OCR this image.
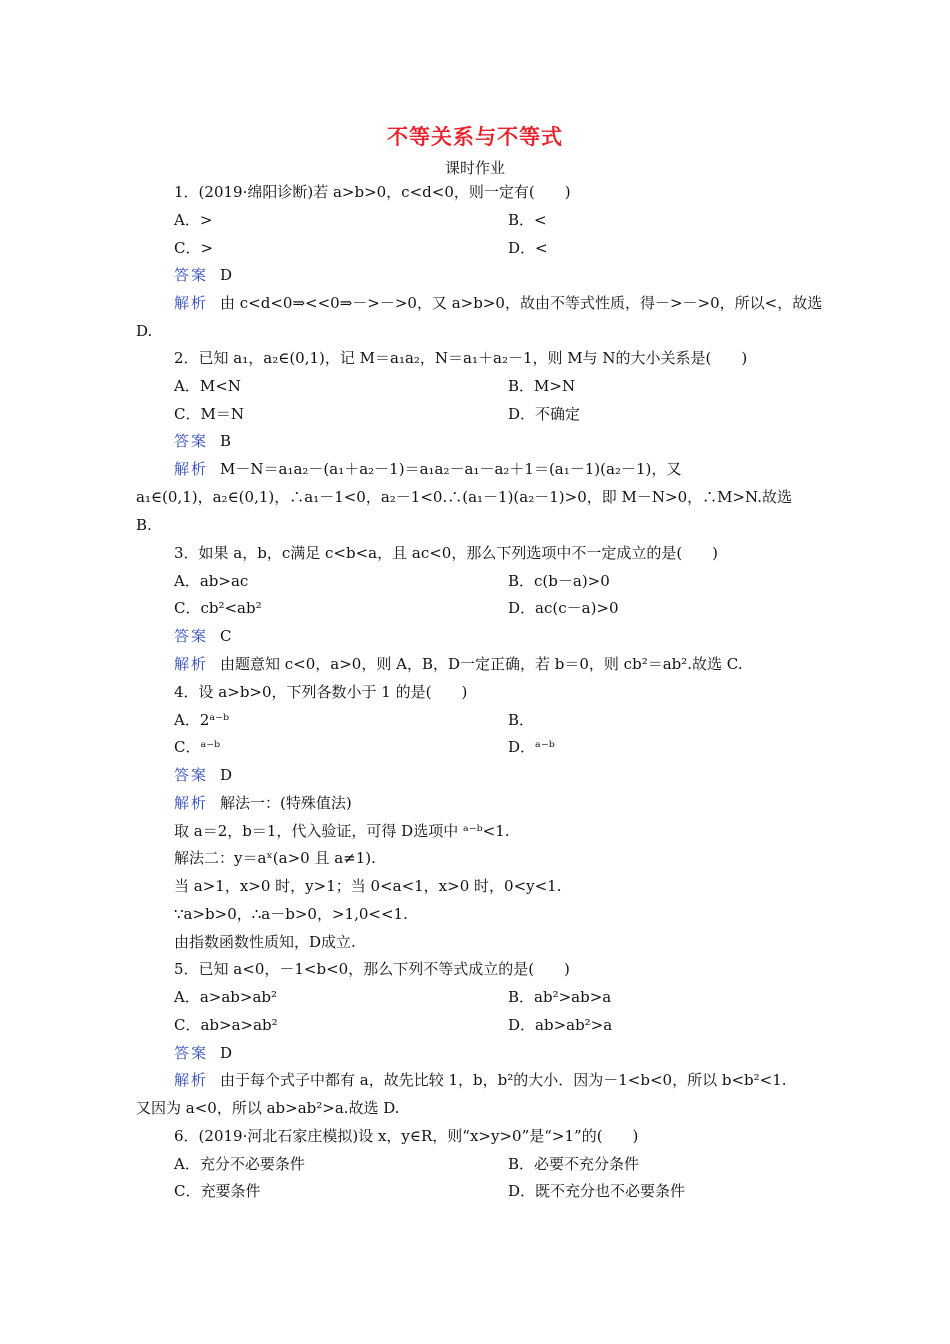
不等关系与不等式
课时作业
1．(2019·绵阳诊断)若 a>b>0，c<d<0，则一定有(　　)
A．>	B．<
C．>	D．<
答案 D
解析 由 c<d<0⇒<<0⇒－>－>0，又 a>b>0，故由不等式性质，得－>－>0，所以<，故选
D.
2．已知 a₁，a₂∈(0,1)，记 M＝a₁a₂，N＝a₁＋a₂－1，则 M与 N的大小关系是(　　)
A．M<N	B．M>N
C．M＝N	D．不确定
答案 B
解析 M－N＝a₁a₂－(a₁＋a₂－1)＝a₁a₂－a₁－a₂＋1＝(a₁－1)(a₂－1)，又
a₁∈(0,1)，a₂∈(0,1)，∴a₁－1<0，a₂－1<0.∴(a₁－1)(a₂－1)>0，即 M－N>0，∴M>N.故选
B.
3．如果 a，b，c满足 c<b<a，且 ac<0，那么下列选项中不一定成立的是(　　)
A．ab>ac	B．c(b－a)>0
C．cb²<ab²	D．ac(c－a)>0
答案 C
解析 由题意知 c<0，a>0，则 A，B，D一定正确，若 b＝0，则 cb²＝ab².故选 C.
4．设 a>b>0，下列各数小于 1 的是(　　)
A．2ᵃ⁻ᵇ	B．
C．ᵃ⁻ᵇ	D．ᵃ⁻ᵇ
答案 D
解析 解法一：(特殊值法)
取 a＝2，b＝1，代入验证，可得 D选项中 ᵃ⁻ᵇ<1.
解法二：y＝aˣ(a>0 且 a≠1).
当 a>1，x>0 时，y>1；当 0<a<1，x>0 时，0<y<1.
∵a>b>0，∴a－b>0，>1,0<<1.
由指数函数性质知，D成立.
5．已知 a<0，－1<b<0，那么下列不等式成立的是(　　)
A．a>ab>ab²	B．ab²>ab>a
C．ab>a>ab²	D．ab>ab²>a
答案 D
解析 由于每个式子中都有 a，故先比较 1，b，b²的大小．因为－1<b<0，所以 b<b²<1.
又因为 a<0，所以 ab>ab²>a.故选 D.
6．(2019·河北石家庄模拟)设 x，y∈R，则“x>y>0”是“>1”的(　　)
A．充分不必要条件	B．必要不充分条件
C．充要条件	D．既不充分也不必要条件
